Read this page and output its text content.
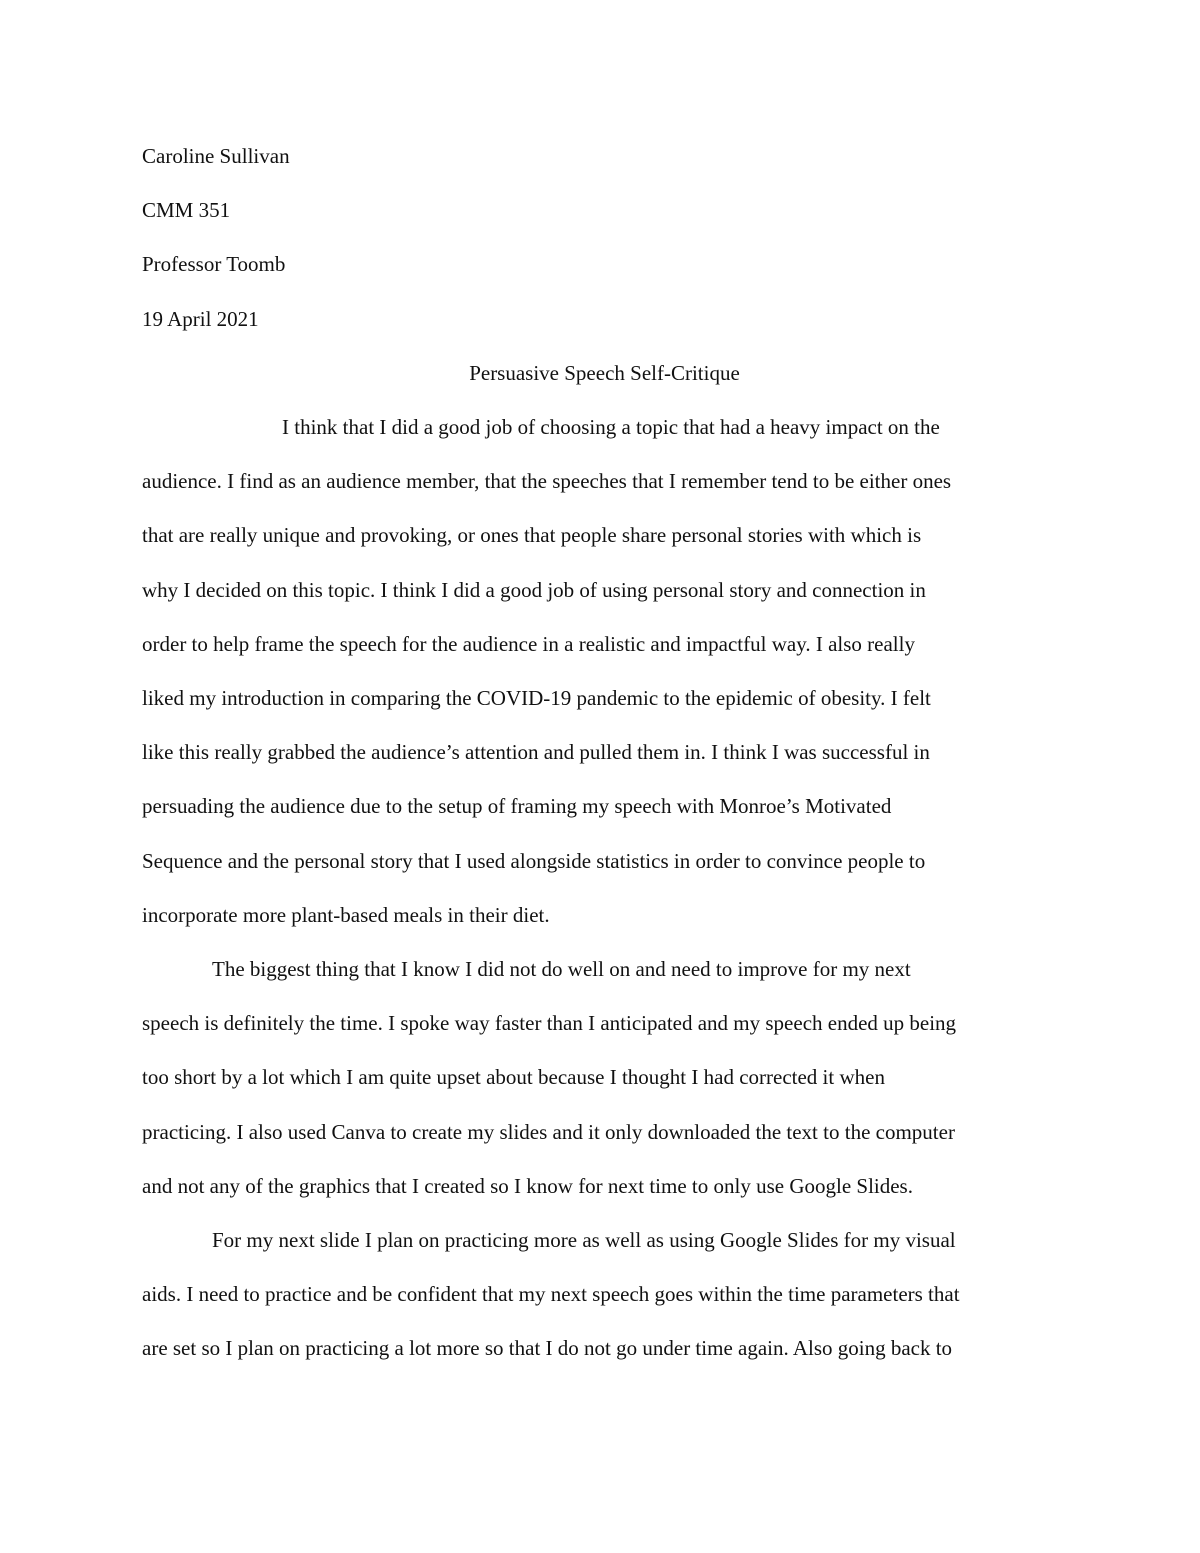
Caroline Sullivan

CMM 351

Professor Toomb

19 April 2021

Persuasive Speech Self-Critique

I think that I did a good job of choosing a topic that had a heavy impact on the
audience. I find as an audience member, that the speeches that I remember tend to be either ones
that are really unique and provoking, or ones that people share personal stories with which is
why I decided on this topic. I think I did a good job of using personal story and connection in
order to help frame the speech for the audience in a realistic and impactful way. I also really
liked my introduction in comparing the COVID-19 pandemic to the epidemic of obesity. I felt
like this really grabbed the audience’s attention and pulled them in. I think I was successful in
persuading the audience due to the setup of framing my speech with Monroe’s Motivated
Sequence and the personal story that I used alongside statistics in order to convince people to
incorporate more plant-based meals in their diet.
The biggest thing that I know I did not do well on and need to improve for my next
speech is definitely the time. I spoke way faster than I anticipated and my speech ended up being
too short by a lot which I am quite upset about because I thought I had corrected it when
practicing. I also used Canva to create my slides and it only downloaded the text to the computer
and not any of the graphics that I created so I know for next time to only use Google Slides.
For my next slide I plan on practicing more as well as using Google Slides for my visual
aids. I need to practice and be confident that my next speech goes within the time parameters that
are set so I plan on practicing a lot more so that I do not go under time again. Also going back to
